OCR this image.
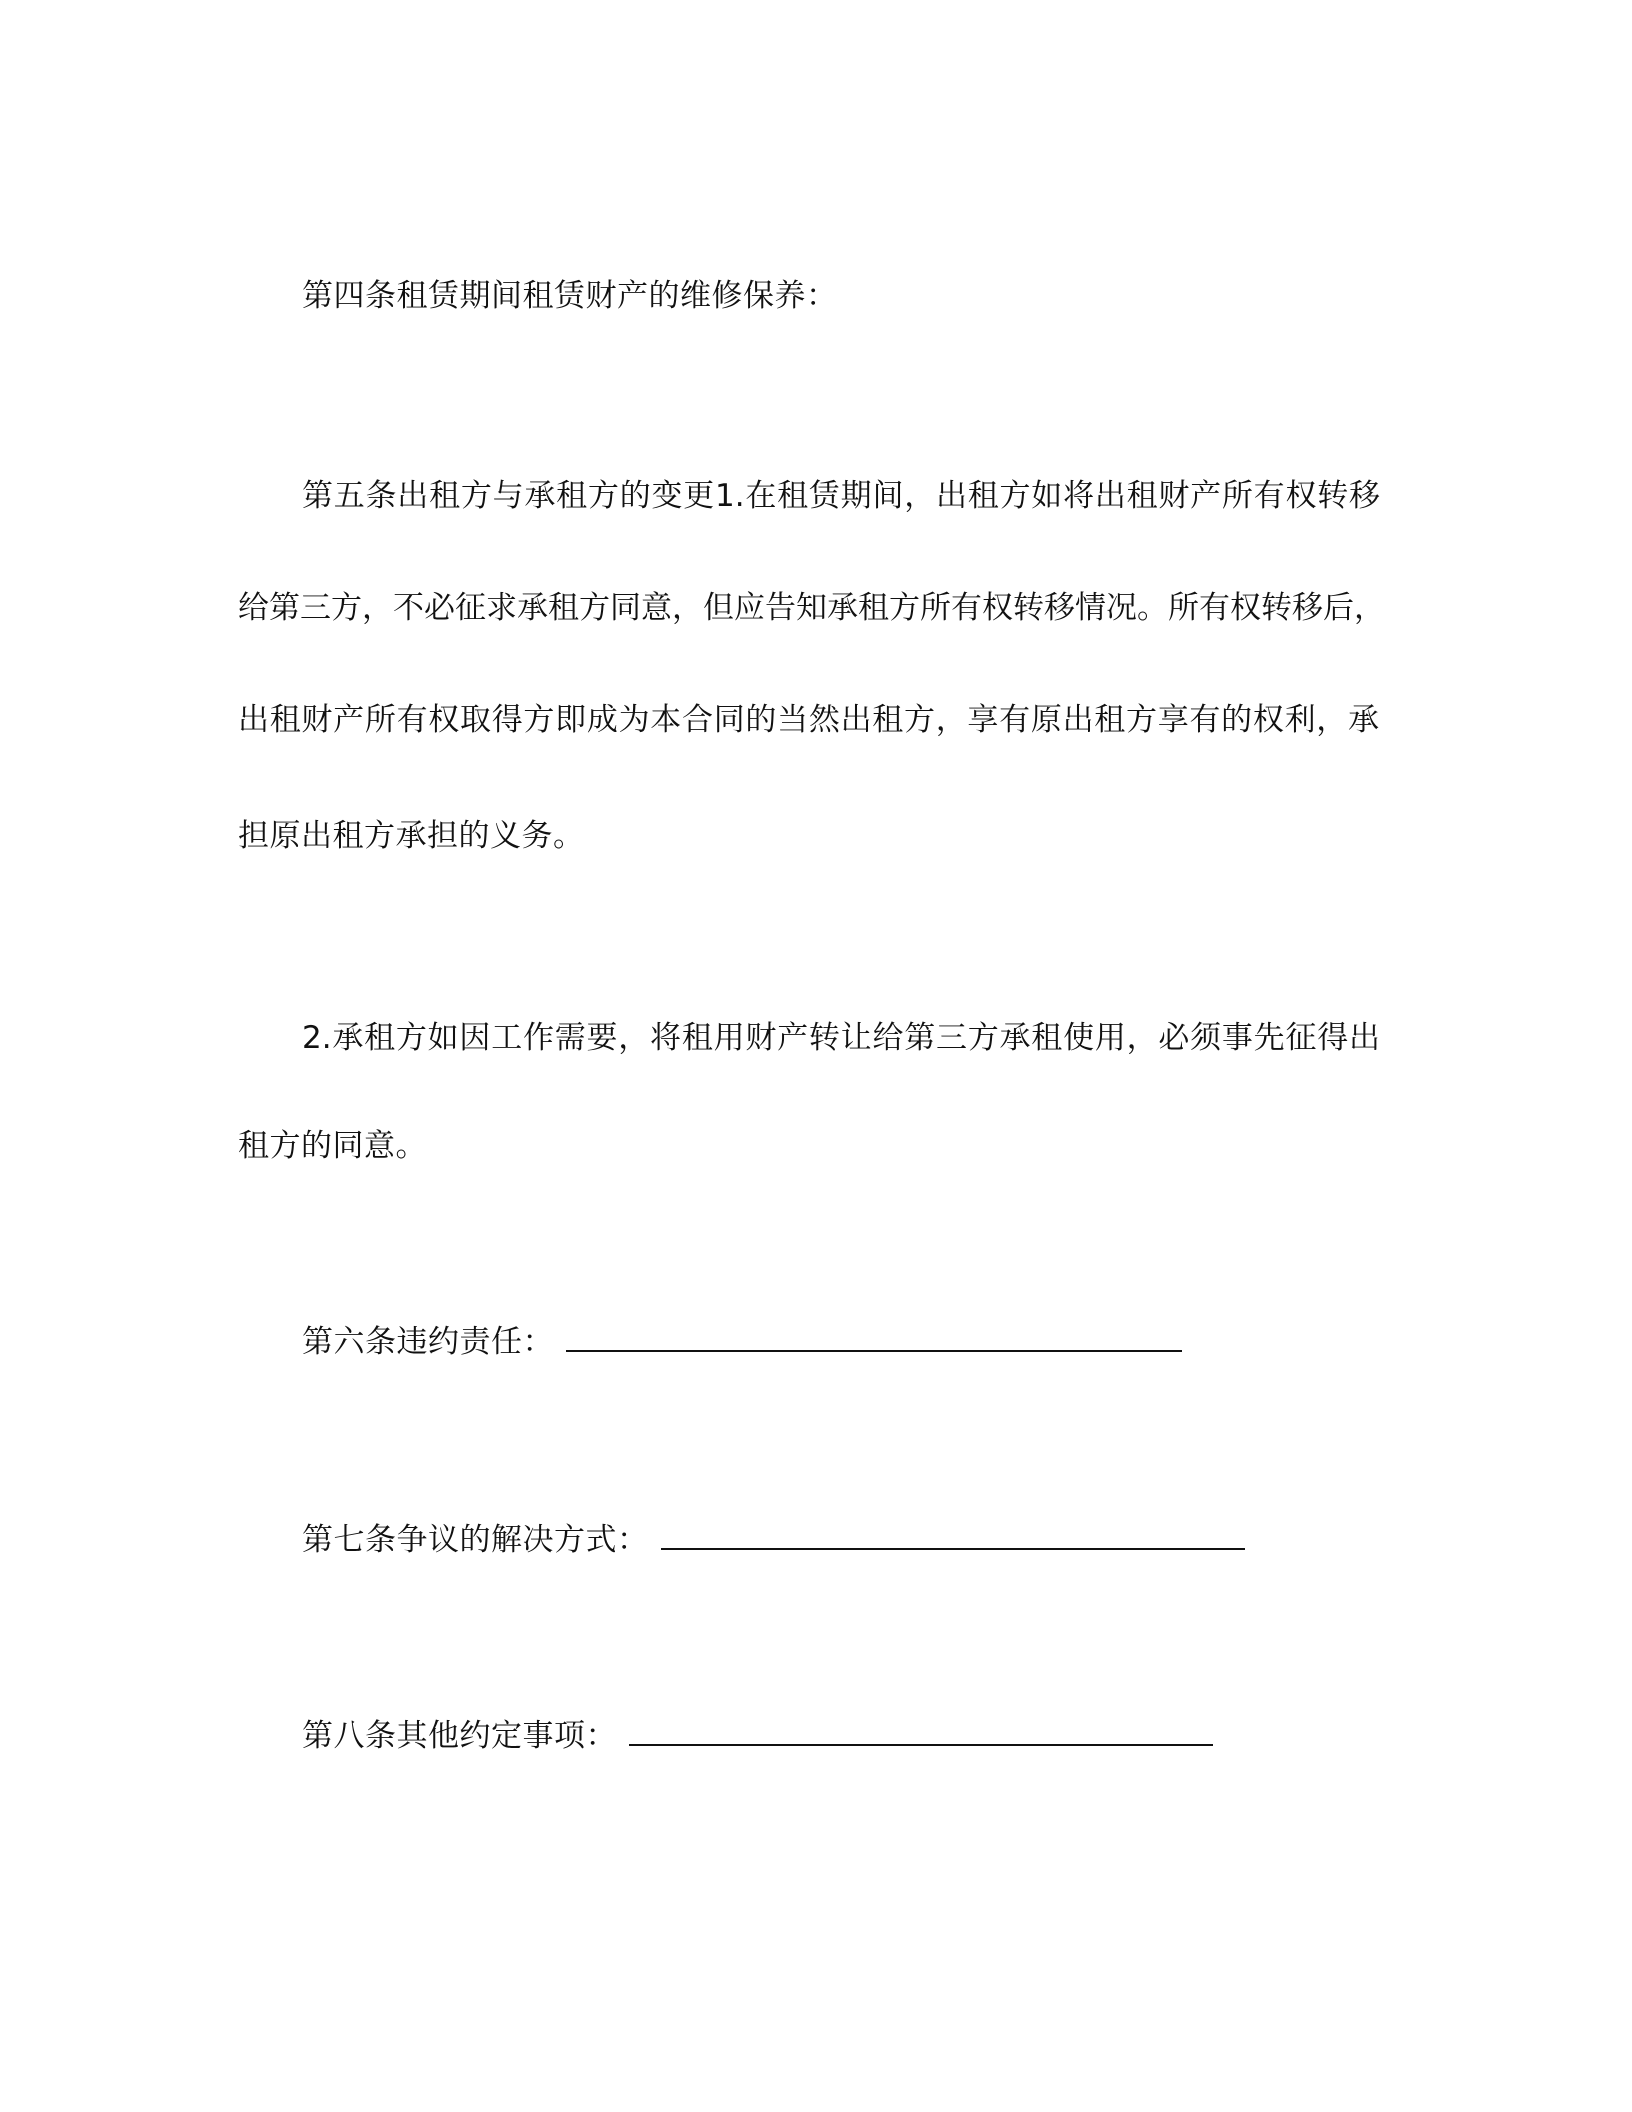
第四条租赁期间租赁财产的维修保养：
第五条出租方与承租方的变更1.在租赁期间，出租方如将出租财产所有权转移
给第三方，不必征求承租方同意，但应告知承租方所有权转移情况。所有权转移后，
出租财产所有权取得方即成为本合同的当然出租方，享有原出租方享有的权利，承
担原出租方承担的义务。
2.承租方如因工作需要，将租用财产转让给第三方承租使用，必须事先征得出
租方的同意。
第六条违约责任：
第七条争议的解决方式：
第八条其他约定事项：
